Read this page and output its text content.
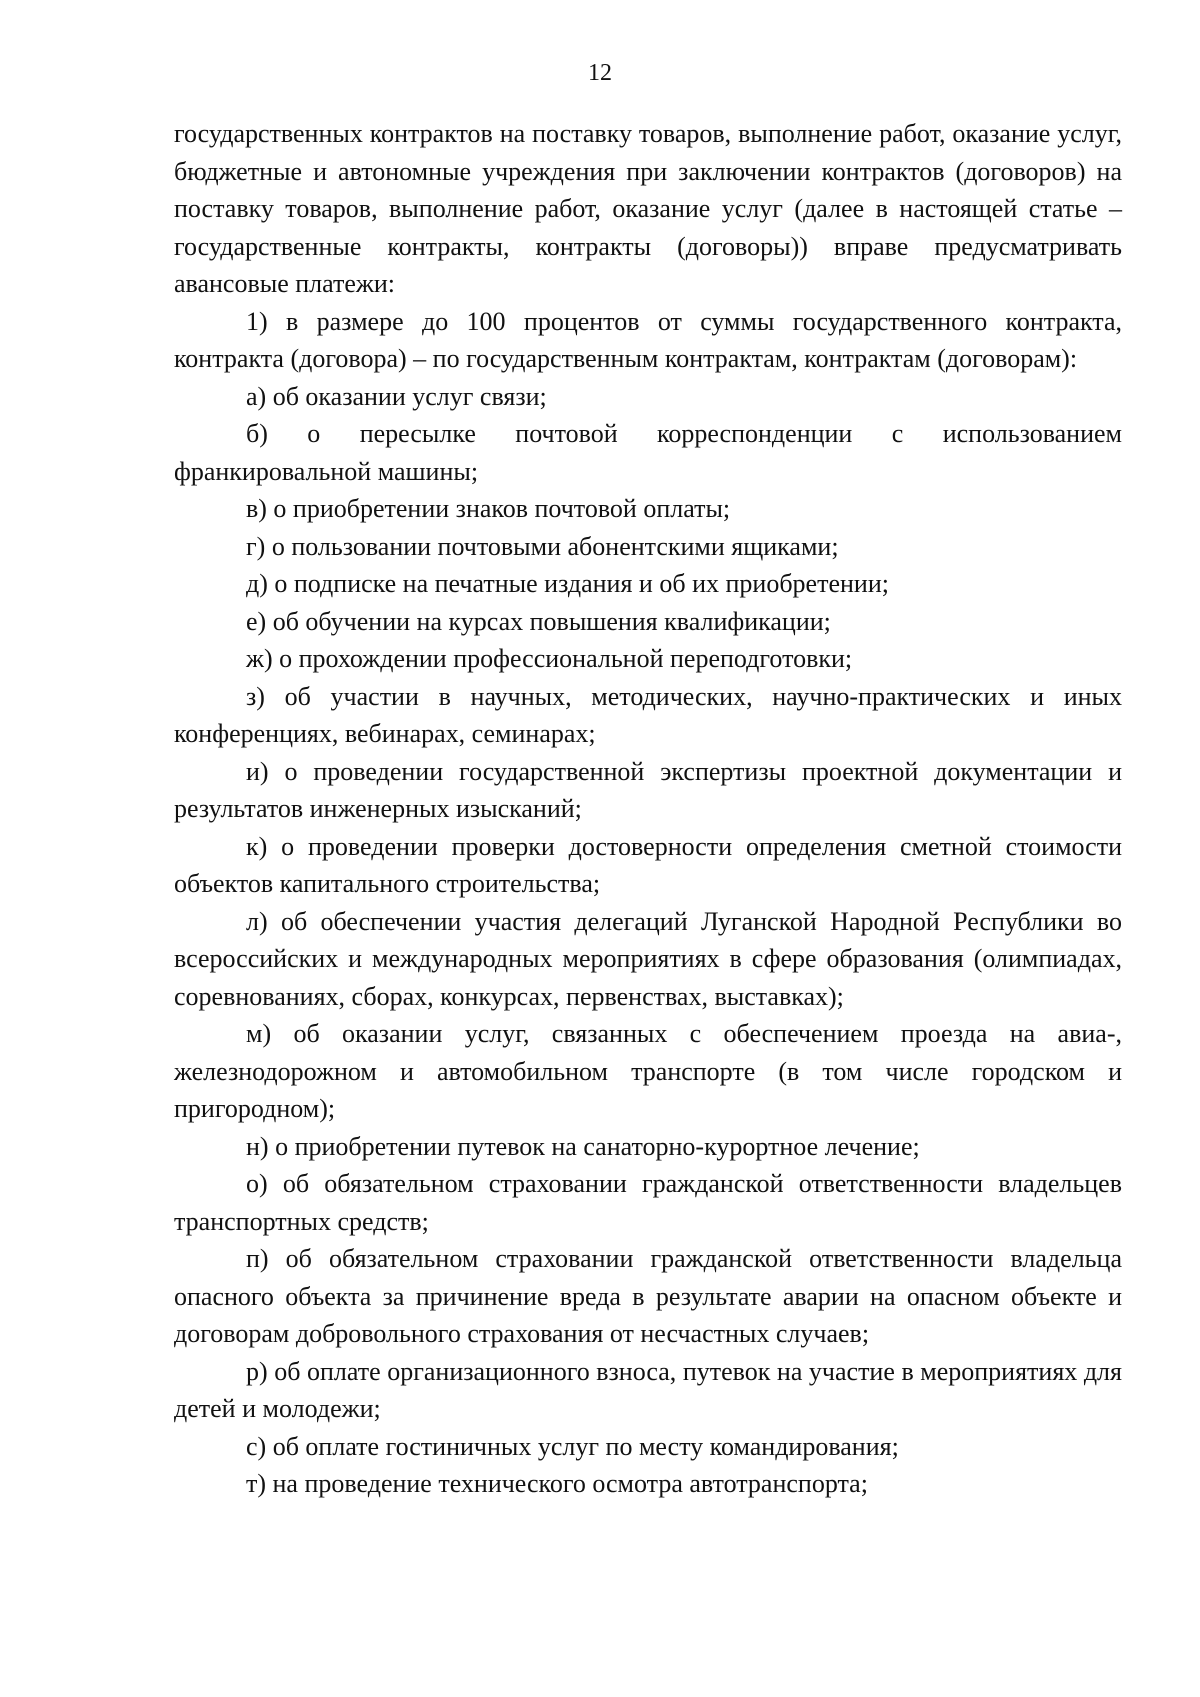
12

государственных контрактов на поставку товаров, выполнение работ, оказание услуг, бюджетные и автономные учреждения при заключении контрактов (договоров) на поставку товаров, выполнение работ, оказание услуг (далее в настоящей статье – государственные контракты, контракты (договоры)) вправе предусматривать авансовые платежи:

1) в размере до 100 процентов от суммы государственного контракта, контракта (договора) – по государственным контрактам, контрактам (договорам):

а) об оказании услуг связи;

б) о пересылке почтовой корреспонденции с использованием франкировальной машины;

в) о приобретении знаков почтовой оплаты;

г) о пользовании почтовыми абонентскими ящиками;

д) о подписке на печатные издания и об их приобретении;

е) об обучении на курсах повышения квалификации;

ж) о прохождении профессиональной переподготовки;

з) об участии в научных, методических, научно-практических и иных конференциях, вебинарах, семинарах;

и) о проведении государственной экспертизы проектной документации и результатов инженерных изысканий;

к) о проведении проверки достоверности определения сметной стоимости объектов капитального строительства;

л) об обеспечении участия делегаций Луганской Народной Республики во всероссийских и международных мероприятиях в сфере образования (олимпиадах, соревнованиях, сборах, конкурсах, первенствах, выставках);

м) об оказании услуг, связанных с обеспечением проезда на авиа-, железнодорожном и автомобильном транспорте (в том числе городском и пригородном);

н) о приобретении путевок на санаторно-курортное лечение;

о) об обязательном страховании гражданской ответственности владельцев транспортных средств;

п) об обязательном страховании гражданской ответственности владельца опасного объекта за причинение вреда в результате аварии на опасном объекте и договорам добровольного страхования от несчастных случаев;

р) об оплате организационного взноса, путевок на участие в мероприятиях для детей и молодежи;

с) об оплате гостиничных услуг по месту командирования;

т) на проведение технического осмотра автотранспорта;
